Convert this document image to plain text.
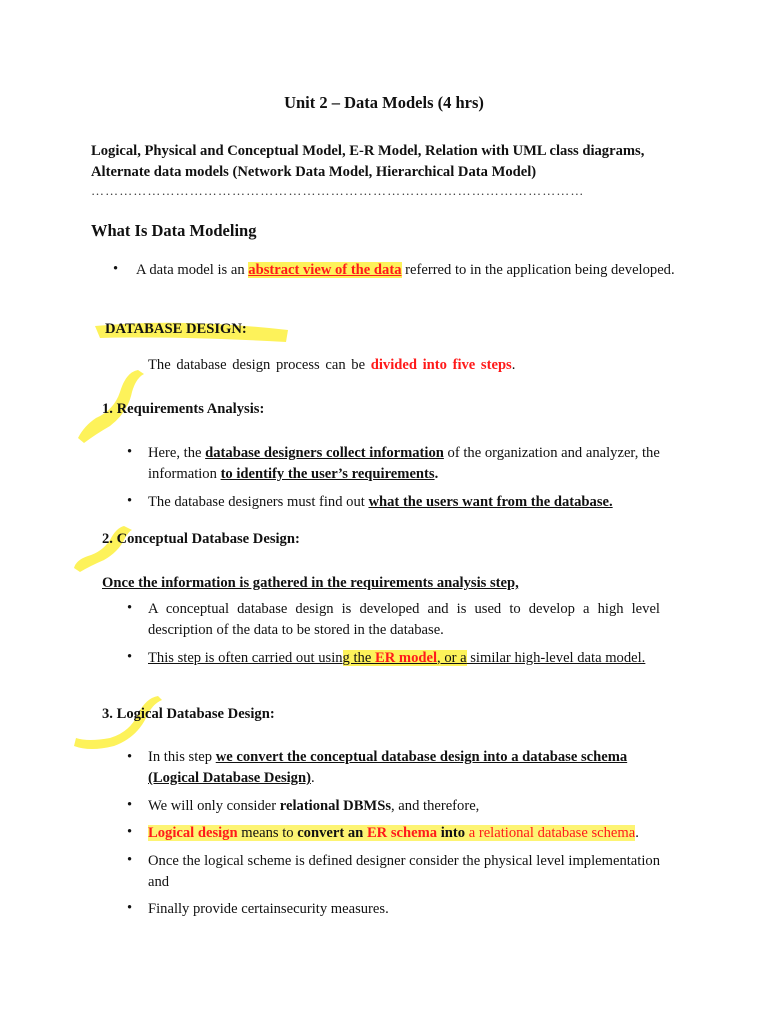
Unit 2 – Data Models (4 hrs)
Logical, Physical and Conceptual Model, E-R Model, Relation with UML class diagrams, Alternate data models (Network Data Model, Hierarchical Data Model)
……………………………………………………………………………………………
What Is Data Modeling
•	A data model is an abstract view of the data referred to in the application being developed.
DATABASE DESIGN:
The database design process can be divided into five steps.
1. Requirements Analysis:
•	Here, the database designers collect information of the organization and analyzer, the information to identify the user’s requirements.
•	The database designers must find out what the users want from the database.
2. Conceptual Database Design:
Once the information is gathered in the requirements analysis step,
•	A conceptual database design is developed and is used to develop a high level description of the data to be stored in the database.
•	This step is often carried out using the ER model, or a similar high-level data model.
3. Logical Database Design:
•	In this step we convert the conceptual database design into a database schema (Logical Database Design).
•	We will only consider relational DBMSs, and therefore,
•	Logical design means to convert an ER schema into a relational database schema.
•	Once the logical scheme is defined designer consider the physical level implementation and
•	Finally provide certainsecurity measures.
